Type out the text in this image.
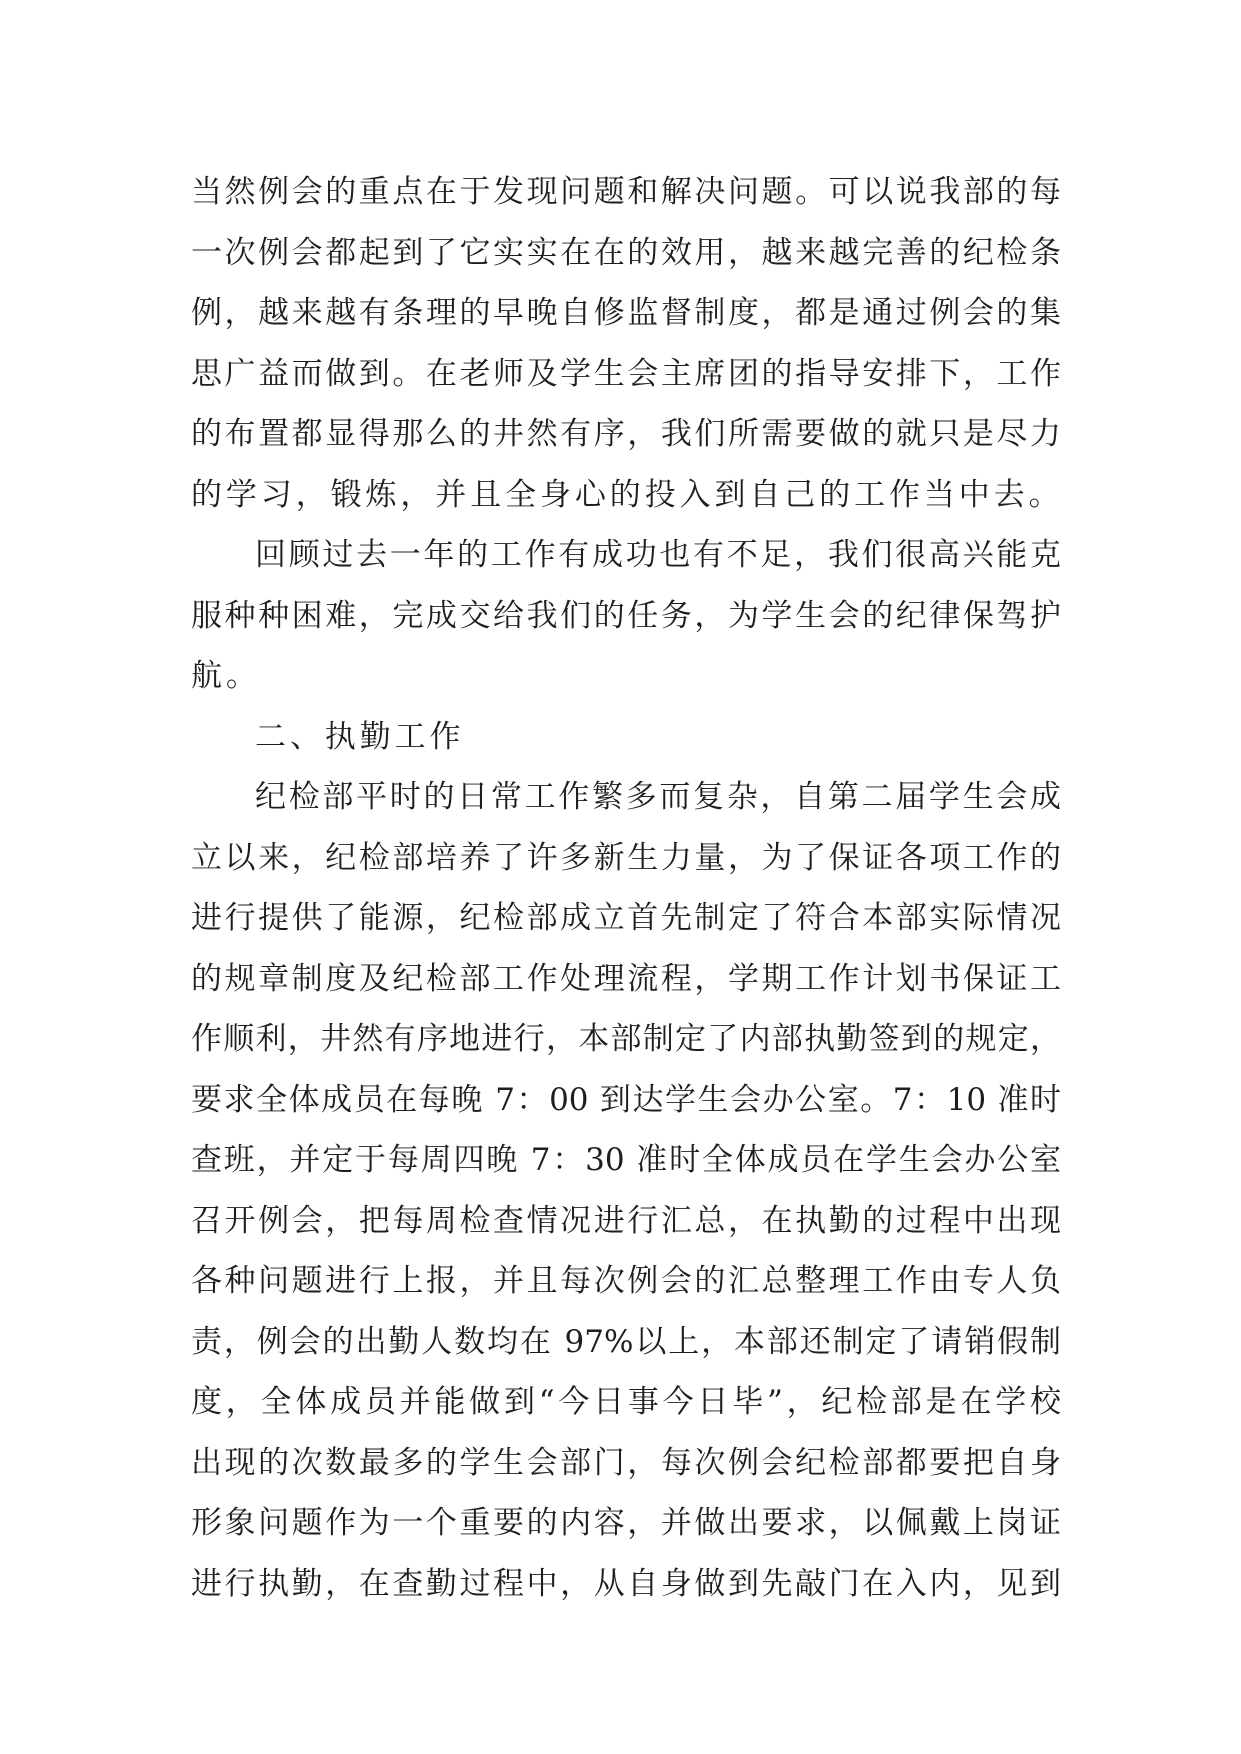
当然例会的重点在于发现问题和解决问题。可以说我部的每
一次例会都起到了它实实在在的效用，越来越完善的纪检条
例，越来越有条理的早晚自修监督制度，都是通过例会的集
思广益而做到。在老师及学生会主席团的指导安排下，工作
的布置都显得那么的井然有序，我们所需要做的就只是尽力
的学习，锻炼，并且全身心的投入到自己的工作当中去。
回顾过去一年的工作有成功也有不足，我们很高兴能克
服种种困难，完成交给我们的任务，为学生会的纪律保驾护
航。
二、执勤工作
纪检部平时的日常工作繁多而复杂，自第二届学生会成
立以来，纪检部培养了许多新生力量，为了保证各项工作的
进行提供了能源，纪检部成立首先制定了符合本部实际情况
的规章制度及纪检部工作处理流程，学期工作计划书保证工
作顺利，井然有序地进行，本部制定了内部执勤签到的规定，
要求全体成员在每晚 7：00 到达学生会办公室。7：10 准时
查班，并定于每周四晚 7：30 准时全体成员在学生会办公室
召开例会，把每周检查情况进行汇总，在执勤的过程中出现
各种问题进行上报，并且每次例会的汇总整理工作由专人负
责，例会的出勤人数均在 97%以上，本部还制定了请销假制
度，全体成员并能做到“今日事今日毕”，纪检部是在学校
出现的次数最多的学生会部门，每次例会纪检部都要把自身
形象问题作为一个重要的内容，并做出要求，以佩戴上岗证
进行执勤，在查勤过程中，从自身做到先敲门在入内，见到
